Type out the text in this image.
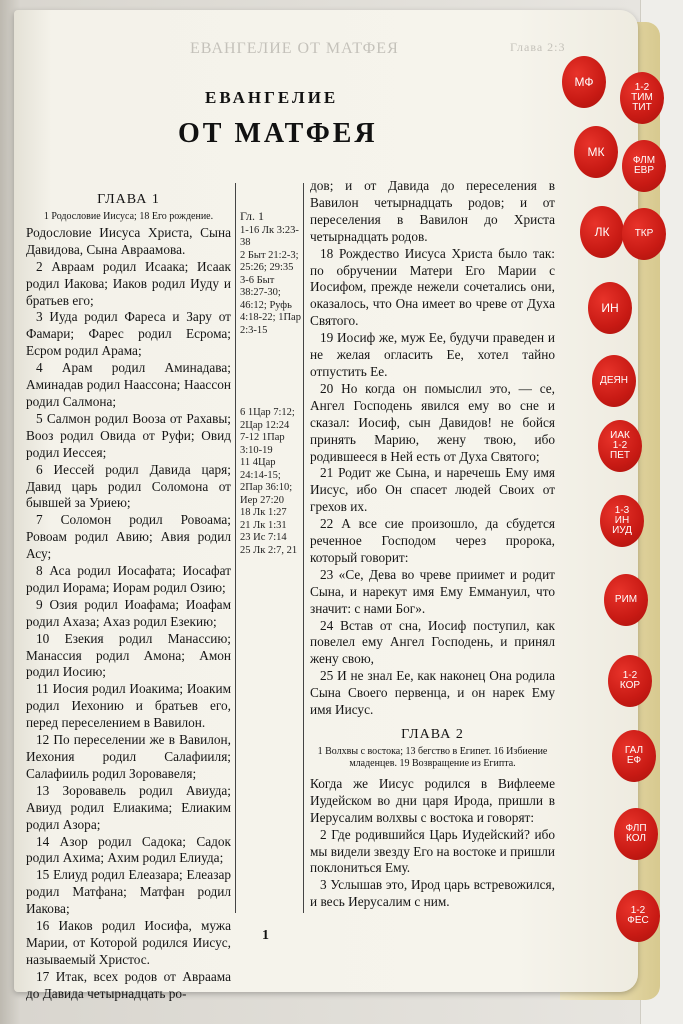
ЕВАНГЕЛИЕ ОТ МАТФЕЯ	Глава 2:3
ЕВАНГЕЛИЕ
ОТ МАТФЕЯ
ГЛАВА 1
1 Родословие Иисуса; 18 Его рождение.
Родословие Иисуса Христа, Сына Давидова, Сына Авраамова.
2 Авраам родил Исаака; Исаак родил Иакова; Иаков родил Иуду и братьев его;
3 Иуда родил Фареса и Зару от Фамари; Фарес родил Есрома; Есром родил Арама;
4 Арам родил Аминадава; Аминадав родил Наассона; Наассон родил Салмона;
5 Салмон родил Вооза от Рахавы; Вооз родил Овида от Руфи; Овид родил Иессея;
6 Иессей родил Давида царя; Давид царь родил Соломона от бывшей за Уриею;
7 Соломон родил Ровоама; Ровоам родил Авию; Авия родил Асу;
8 Аса родил Иосафата; Иосафат родил Иорама; Иорам родил Озию;
9 Озия родил Иоафама; Иоафам родил Ахаза; Ахаз родил Езекию;
10 Езекия родил Манассию; Манассия родил Амона; Амон родил Иосию;
11 Иосия родил Иоакима; Иоаким родил Иехонию и братьев его, перед переселением в Вавилон.
12 По переселении же в Вавилон, Иехония родил Салафииля; Салафииль родил Зоровавеля;
13 Зоровавель родил Авиуда; Авиуд родил Елиакима; Елиаким родил Азора;
14 Азор родил Садока; Садок родил Ахима; Ахим родил Елиуда;
15 Елиуд родил Елеазара; Елеазар родил Матфана; Матфан родил Иакова;
16 Иаков родил Иосифа, мужа Марии, от Которой родился Иисус, называемый Христос.
17 Итак, всех родов от Авраама до Давида четырнадцать ро-
Гл. 1
1-16 Лк 3:23-38
2 Быт 21:2-3; 25:26; 29:35
3-6 Быт 38:27-30; 46:12; Руфь 4:18-22; 1Пар 2:3-15
6 1Цар 7:12; 2Цар 12:24
7-12 1Пар 3:10-19
11 4Цар 24:14-15; 2Пар 36:10; Иер 27:20
18 Лк 1:27
21 Лк 1:31
23 Ис 7:14
25 Лк 2:7, 21
дов; и от Давида до переселения в Вавилон четырнадцать родов; и от переселения в Вавилон до Христа четырнадцать родов.
18 Рождество Иисуса Христа было так: по обручении Матери Его Марии с Иосифом, прежде нежели сочетались они, оказалось, что Она имеет во чреве от Духа Святого.
19 Иосиф же, муж Ее, будучи праведен и не желая огласить Ее, хотел тайно отпустить Ее.
20 Но когда он помыслил это, — се, Ангел Господень явился ему во сне и сказал: Иосиф, сын Давидов! не бойся принять Марию, жену твою, ибо родившееся в Ней есть от Духа Святого;
21 Родит же Сына, и наречешь Ему имя Иисус, ибо Он спасет людей Своих от грехов их.
22 А все сие произошло, да сбудется реченное Господом через пророка, который говорит:
23 «Се, Дева во чреве приимет и родит Сына, и нарекут имя Ему Еммануил, что значит: с нами Бог».
24 Встав от сна, Иосиф поступил, как повелел ему Ангел Господень, и принял жену свою,
25 И не знал Ее, как наконец Она родила Сына Своего первенца, и он нарек Ему имя Иисус.
ГЛАВА 2
1 Волхвы с востока; 13 бегство в Египет. 16 Избиение младенцев. 19 Возвращение из Египта.
Когда же Иисус родился в Вифлееме Иудейском во дни царя Ирода, пришли в Иерусалим волхвы с востока и говорят:
2 Где родившийся Царь Иудейский? ибо мы видели звезду Его на востоке и пришли поклониться Ему.
3 Услышав это, Ирод царь встревожился, и весь Иерусалим с ним.
1
МФ	1-2
ТИМ
ТИТ
МК
ФЛМ
ЕВР
ЛК	ТКР
ИН
ДЕЯН
ИАК
1-2
ПЕТ
1-3
ИН
ИУД
РИМ
1-2
КОР
ГАЛ
ЕФ
ФЛП
КОЛ
1-2
ФЕС
